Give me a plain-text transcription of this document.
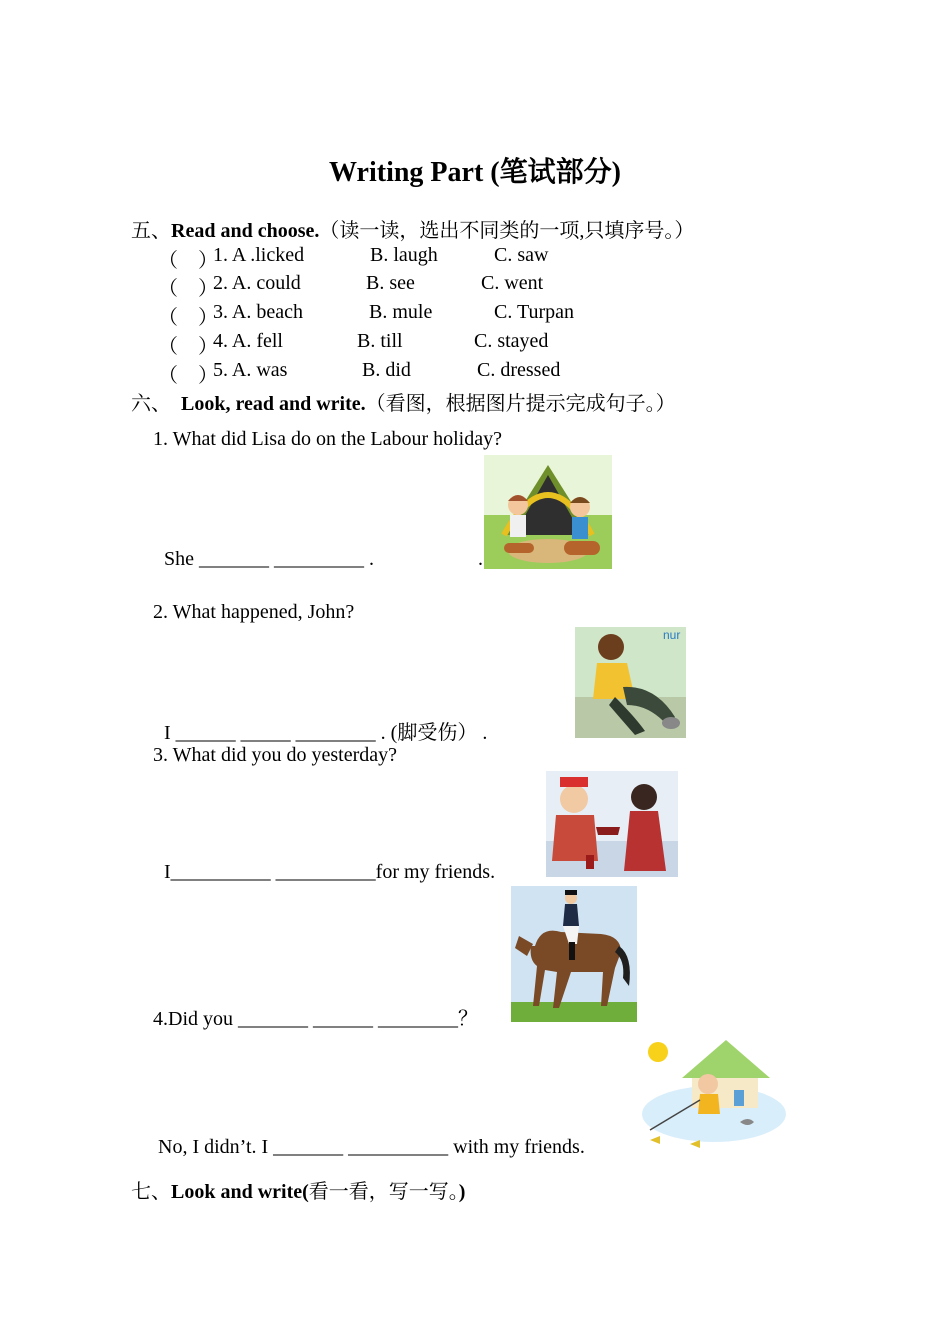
Writing Part (笔试部分)
五、Read and choose.（读一读，选出不同类的一项,只填序号。）
（　）
1. A .licked	B. laugh	C. saw
（　）
2. A. could	B. see	C. went
（　）
3. A. beach	B. mule	C. Turpan
（　）
4. A. fell	B. till	C. stayed
（　）
5. A. was	B. did	C. dressed
六、 Look, read and write.（看图，根据图片提示完成句子。）
1. What did Lisa do on the Labour holiday?
She _______ _________ .	.
2. What happened, John?
I ______ _____ ________ . (脚受伤） .
nur
3. What did you do yesterday?
I__________ __________for my friends.
4.Did you _______ ______ ________？
No, I didn’t. I _______ __________ with my friends.
七、Look and write(看一看，写一写。)
